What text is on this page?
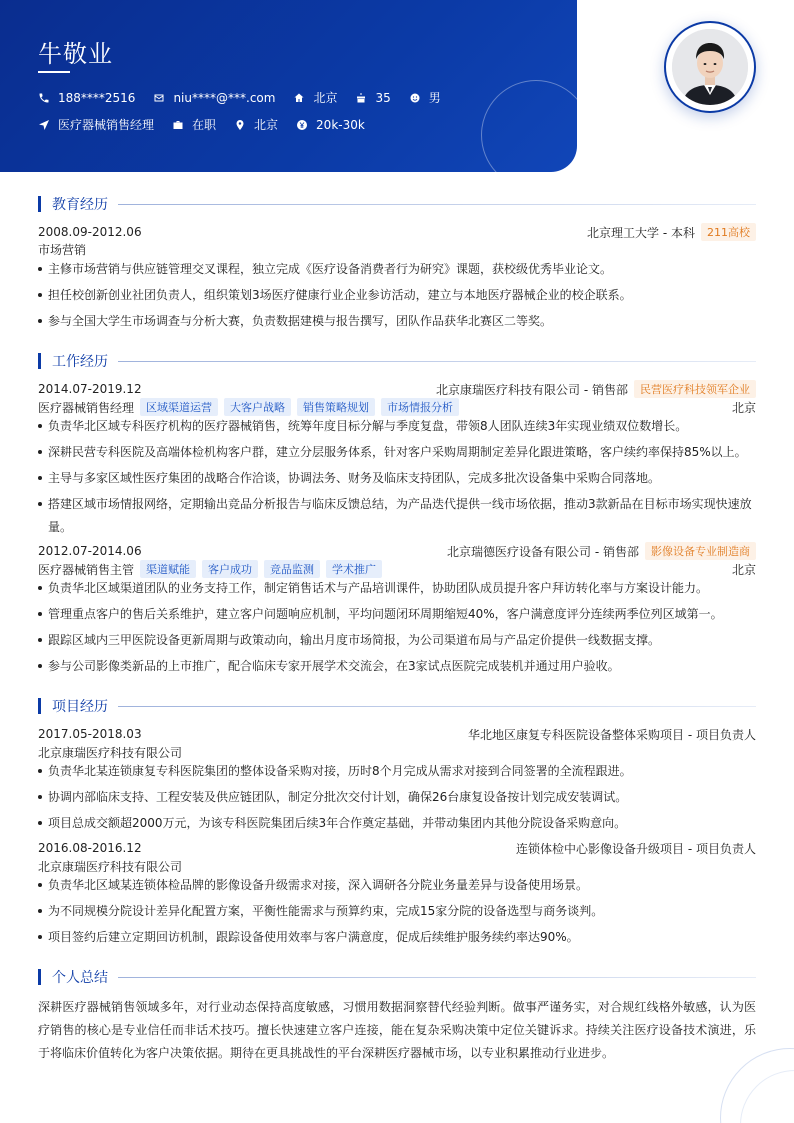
牛敬业
188****2516	niu****@***.com	北京	35	男
医疗器械销售经理	在职	北京	20k-30k
教育经历
2008.09-2012.06	北京理工大学 - 本科	211高校
市场营销
主修市场营销与供应链管理交叉课程，独立完成《医疗设备消费者行为研究》课题，获校级优秀毕业论文。
担任校创新创业社团负责人，组织策划3场医疗健康行业企业参访活动，建立与本地医疗器械企业的校企联系。
参与全国大学生市场调查与分析大赛，负责数据建模与报告撰写，团队作品获华北赛区二等奖。
工作经历
2014.07-2019.12	北京康瑞医疗科技有限公司 - 销售部	民营医疗科技领军企业
医疗器械销售经理	区域渠道运营	大客户战略	销售策略规划	市场情报分析	北京
负责华北区域专科医疗机构的医疗器械销售，统筹年度目标分解与季度复盘，带领8人团队连续3年实现业绩双位数增长。
深耕民营专科医院及高端体检机构客户群，建立分层服务体系，针对客户采购周期制定差异化跟进策略，客户续约率保持85%以上。
主导与多家区域性医疗集团的战略合作洽谈，协调法务、财务及临床支持团队，完成多批次设备集中采购合同落地。
搭建区域市场情报网络，定期输出竞品分析报告与临床反馈总结，为产品迭代提供一线市场依据，推动3款新品在目标市场实现快速放量。
2012.07-2014.06	北京瑞德医疗设备有限公司 - 销售部	影像设备专业制造商
医疗器械销售主管	渠道赋能	客户成功	竞品监测	学术推广	北京
负责华北区域渠道团队的业务支持工作，制定销售话术与产品培训课件，协助团队成员提升客户拜访转化率与方案设计能力。
管理重点客户的售后关系维护，建立客户问题响应机制，平均问题闭环周期缩短40%，客户满意度评分连续两季位列区域第一。
跟踪区域内三甲医院设备更新周期与政策动向，输出月度市场简报，为公司渠道布局与产品定价提供一线数据支撑。
参与公司影像类新品的上市推广，配合临床专家开展学术交流会，在3家试点医院完成装机并通过用户验收。
项目经历
2017.05-2018.03	华北地区康复专科医院设备整体采购项目 - 项目负责人
北京康瑞医疗科技有限公司
负责华北某连锁康复专科医院集团的整体设备采购对接，历时8个月完成从需求对接到合同签署的全流程跟进。
协调内部临床支持、工程安装及供应链团队，制定分批次交付计划，确保26台康复设备按计划完成安装调试。
项目总成交额超2000万元，为该专科医院集团后续3年合作奠定基础，并带动集团内其他分院设备采购意向。
2016.08-2016.12	连锁体检中心影像设备升级项目 - 项目负责人
北京康瑞医疗科技有限公司
负责华北区域某连锁体检品牌的影像设备升级需求对接，深入调研各分院业务量差异与设备使用场景。
为不同规模分院设计差异化配置方案，平衡性能需求与预算约束，完成15家分院的设备选型与商务谈判。
项目签约后建立定期回访机制，跟踪设备使用效率与客户满意度，促成后续维护服务续约率达90%。
个人总结
深耕医疗器械销售领域多年，对行业动态保持高度敏感，习惯用数据洞察替代经验判断。做事严谨务实，对合规红线格外敏感，认为医疗销售的核心是专业信任而非话术技巧。擅长快速建立客户连接，能在复杂采购决策中定位关键诉求。持续关注医疗设备技术演进，乐于将临床价值转化为客户决策依据。期待在更具挑战性的平台深耕医疗器械市场，以专业积累推动行业进步。
